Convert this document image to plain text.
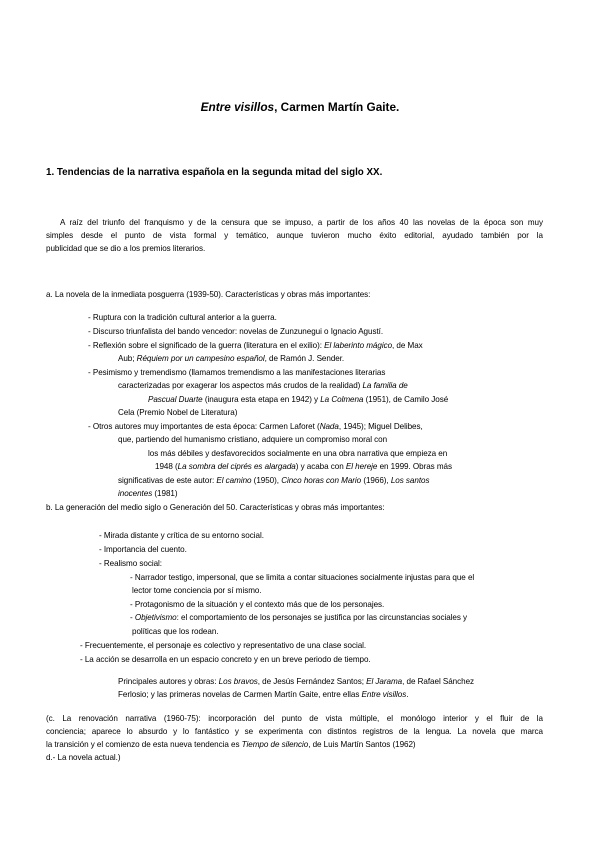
Entre visillos, Carmen Martín Gaite.
1. Tendencias de la narrativa española en la segunda mitad del siglo XX.
A raíz del triunfo del franquismo y de la censura que se impuso, a partir de los años 40 las novelas de la época son muy
simples desde el punto de vista formal y temático, aunque tuvieron mucho éxito editorial, ayudado también por la
publicidad que se dio a los premios literarios.
a. La novela de la inmediata posguerra (1939-50). Características y obras más importantes:
- Ruptura con la tradición cultural anterior a la guerra.
- Discurso triunfalista del bando vencedor: novelas de Zunzunegui o Ignacio Agustí.
- Reflexión sobre el significado de la guerra (literatura en el exilio): El laberinto mágico, de Max
Aub; Réquiem por un campesino español, de Ramón J. Sender.
- Pesimismo y tremendismo (llamamos tremendismo a las manifestaciones literarias
caracterizadas por exagerar los aspectos más crudos de la realidad) La familia de
Pascual Duarte (inaugura esta etapa en 1942) y La Colmena (1951), de Camilo José
Cela (Premio Nobel de Literatura)
- Otros autores muy importantes de esta época: Carmen Laforet (Nada, 1945); Miguel Delibes,
que, partiendo del humanismo cristiano, adquiere un compromiso moral con
los más débiles y desfavorecidos socialmente en una obra narrativa que empieza en
1948 (La sombra del ciprés es alargada) y acaba con El hereje en 1999. Obras más
significativas de este autor: El camino (1950), Cinco horas con Mario (1966), Los santos
inocentes (1981)
b. La generación del medio siglo o Generación del 50. Características y obras más importantes:
- Mirada distante y crítica de su entorno social.
- Importancia del cuento.
- Realismo social:
- Narrador testigo, impersonal, que se limita a contar situaciones socialmente injustas para que el
lector tome conciencia por sí mismo.
- Protagonismo de la situación y el contexto más que de los personajes.
- Objetivismo: el comportamiento de los personajes se justifica por las circunstancias sociales y
políticas que los rodean.
- Frecuentemente, el personaje es colectivo y representativo de una clase social.
- La acción se desarrolla en un espacio concreto y en un breve periodo de tiempo.
Principales autores y obras: Los bravos, de Jesús Fernández Santos; El Jarama, de Rafael Sánchez
Ferlosio; y las primeras novelas de Carmen Martín Gaite, entre ellas Entre visillos.
(c. La renovación narrativa (1960-75): incorporación del punto de vista múltiple, el monólogo interior y el fluir de la
conciencia; aparece lo absurdo y lo fantástico y se experimenta con distintos registros de la lengua. La novela que marca
la transición y el comienzo de esta nueva tendencia es Tiempo de silencio, de Luis Martín Santos (1962)
d.- La novela actual.)
